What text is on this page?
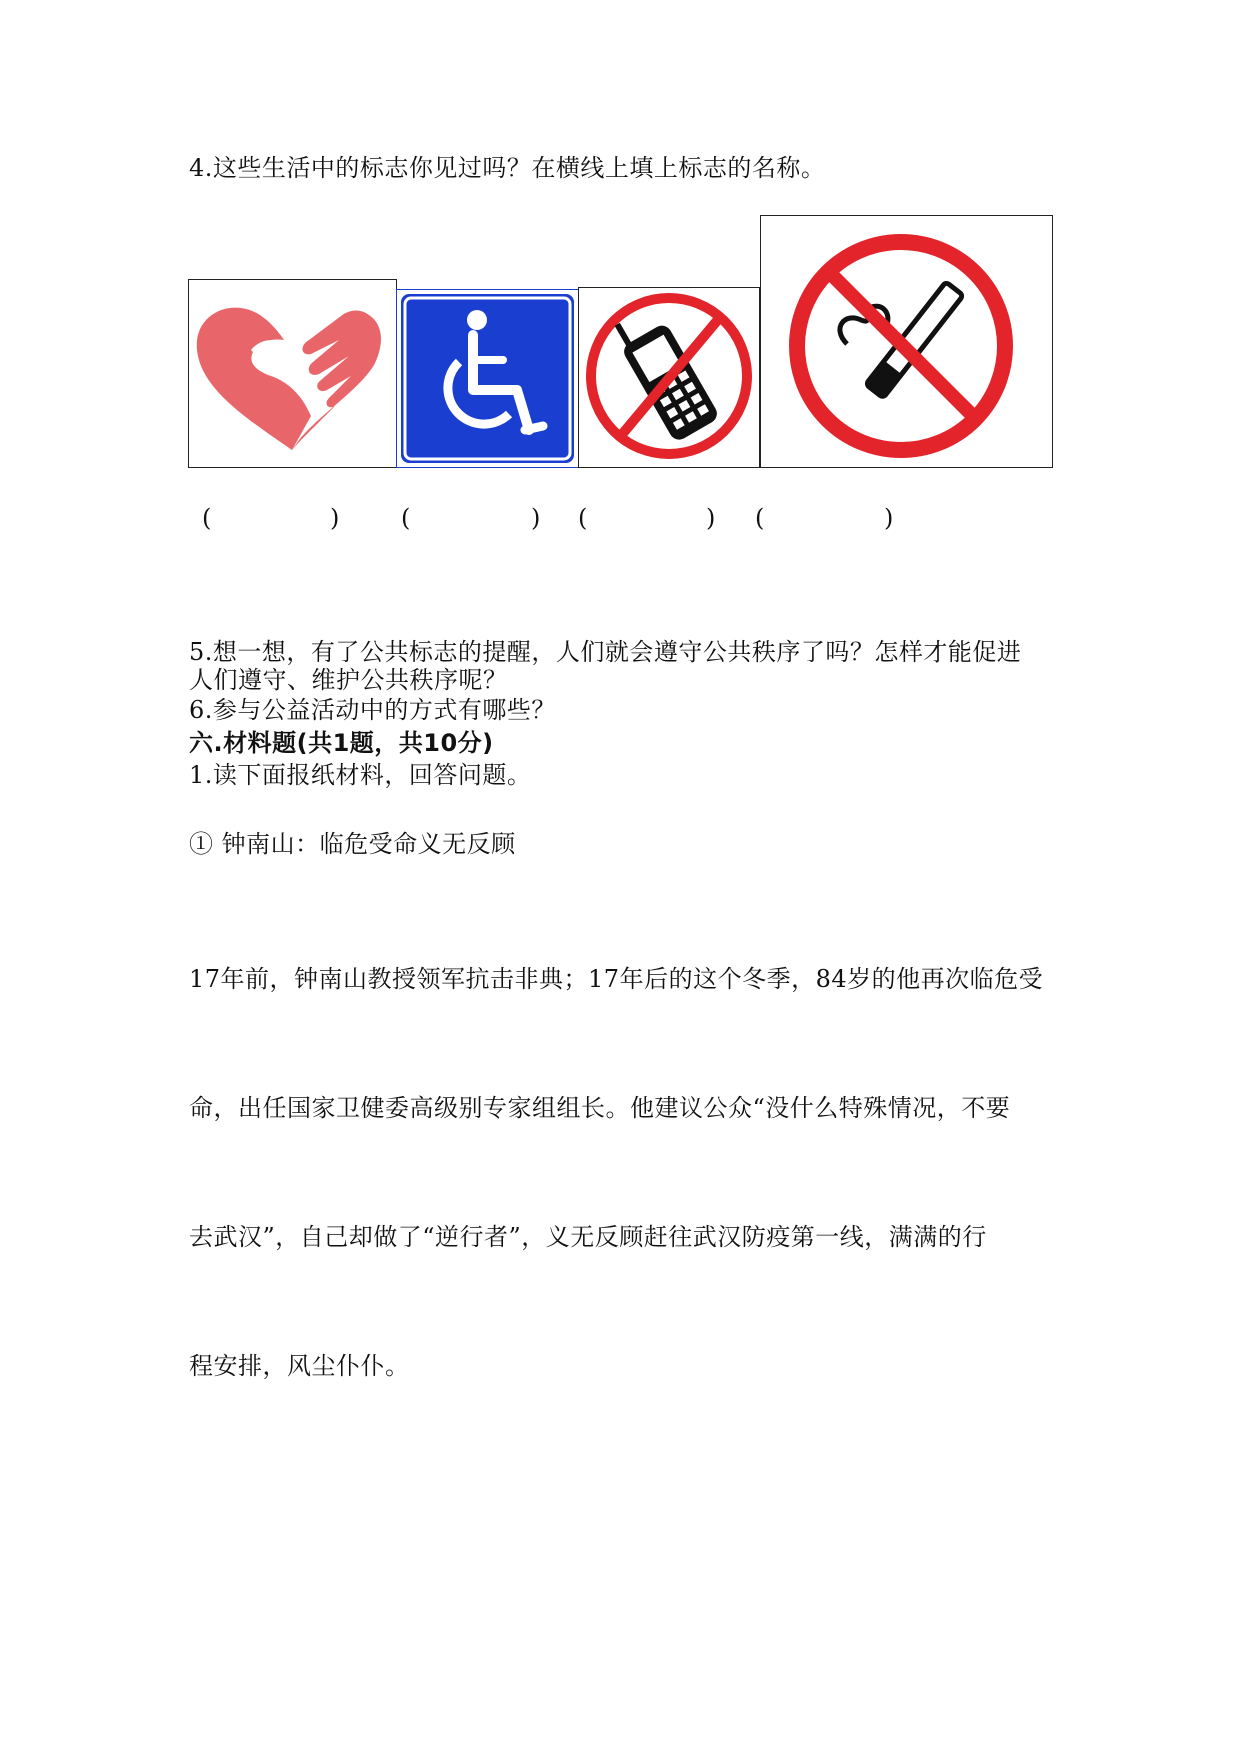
4.这些生活中的标志你见过吗？在横线上填上标志的名称。
(	)	(	) (	) (	)
5.想一想，有了公共标志的提醒，人们就会遵守公共秩序了吗？怎样才能促进
人们遵守、维护公共秩序呢？
6.参与公益活动中的方式有哪些？
六.材料题(共1题，共10分)
1.读下面报纸材料，回答问题。
① 钟南山：临危受命义无反顾
17年前，钟南山教授领军抗击非典；17年后的这个冬季，84岁的他再次临危受
命，出任国家卫健委高级别专家组组长。他建议公众“没什么特殊情况，不要
去武汉”，自己却做了“逆行者”，义无反顾赶往武汉防疫第一线，满满的行
程安排，风尘仆仆。
